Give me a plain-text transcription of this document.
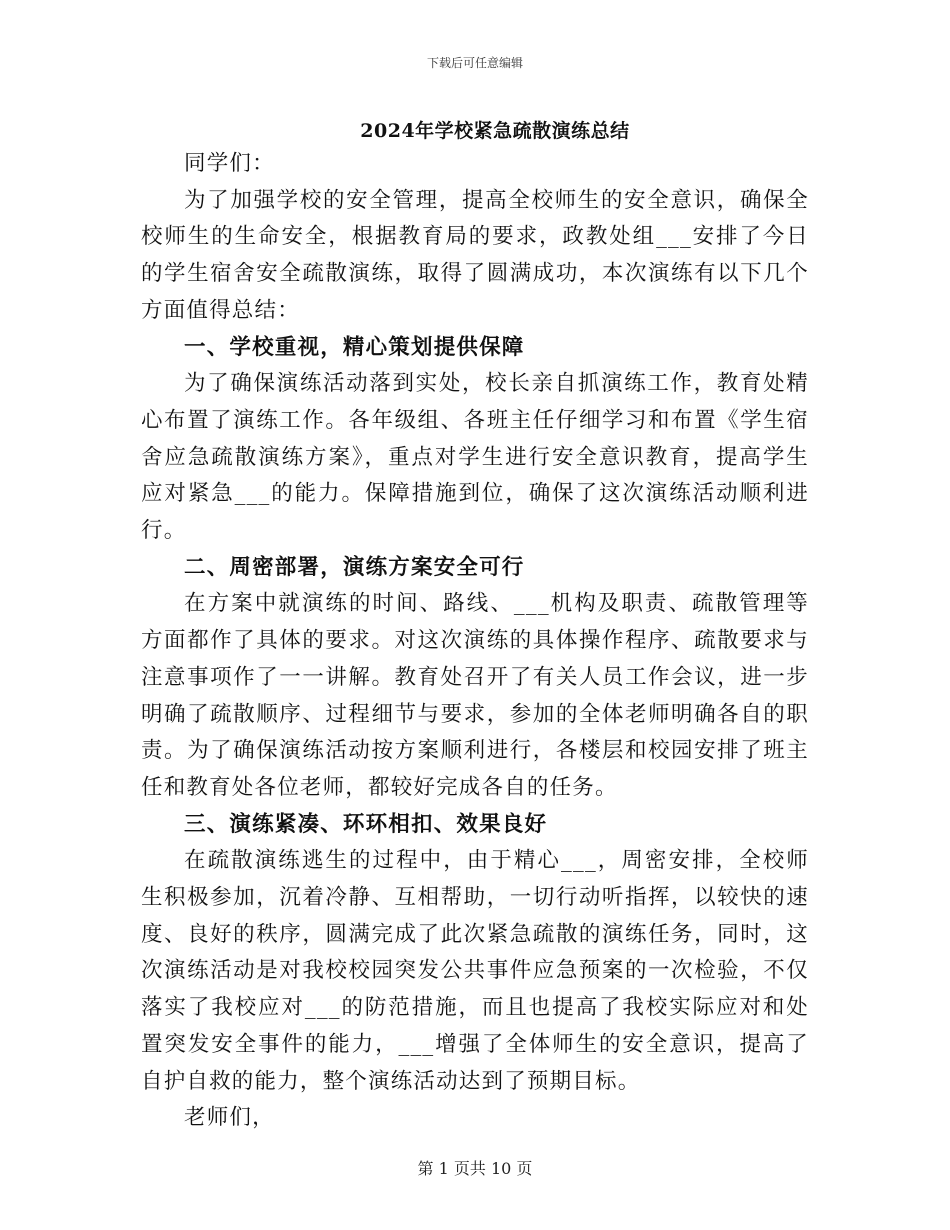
下载后可任意编辑
2024年学校紧急疏散演练总结

同学们：

为了加强学校的安全管理，提高全校师生的安全意识，确保全校师生的生命安全，根据教育局的要求，政教处组___安排了今日的学生宿舍安全疏散演练，取得了圆满成功，本次演练有以下几个方面值得总结：

一、学校重视，精心策划提供保障

为了确保演练活动落到实处，校长亲自抓演练工作，教育处精心布置了演练工作。各年级组、各班主任仔细学习和布置《学生宿舍应急疏散演练方案》，重点对学生进行安全意识教育，提高学生应对紧急___的能力。保障措施到位，确保了这次演练活动顺利进行。

二、周密部署，演练方案安全可行

在方案中就演练的时间、路线、___机构及职责、疏散管理等方面都作了具体的要求。对这次演练的具体操作程序、疏散要求与注意事项作了一一讲解。教育处召开了有关人员工作会议，进一步明确了疏散顺序、过程细节与要求，参加的全体老师明确各自的职责。为了确保演练活动按方案顺利进行，各楼层和校园安排了班主任和教育处各位老师，都较好完成各自的任务。

三、演练紧凑、环环相扣、效果良好

在疏散演练逃生的过程中，由于精心___，周密安排，全校师生积极参加，沉着冷静、互相帮助，一切行动听指挥，以较快的速度、良好的秩序，圆满完成了此次紧急疏散的演练任务，同时，这次演练活动是对我校校园突发公共事件应急预案的一次检验，不仅落实了我校应对___的防范措施，而且也提高了我校实际应对和处置突发安全事件的能力，___增强了全体师生的安全意识，提高了自护自救的能力，整个演练活动达到了预期目标。

老师们，

第 1 页共 10 页
